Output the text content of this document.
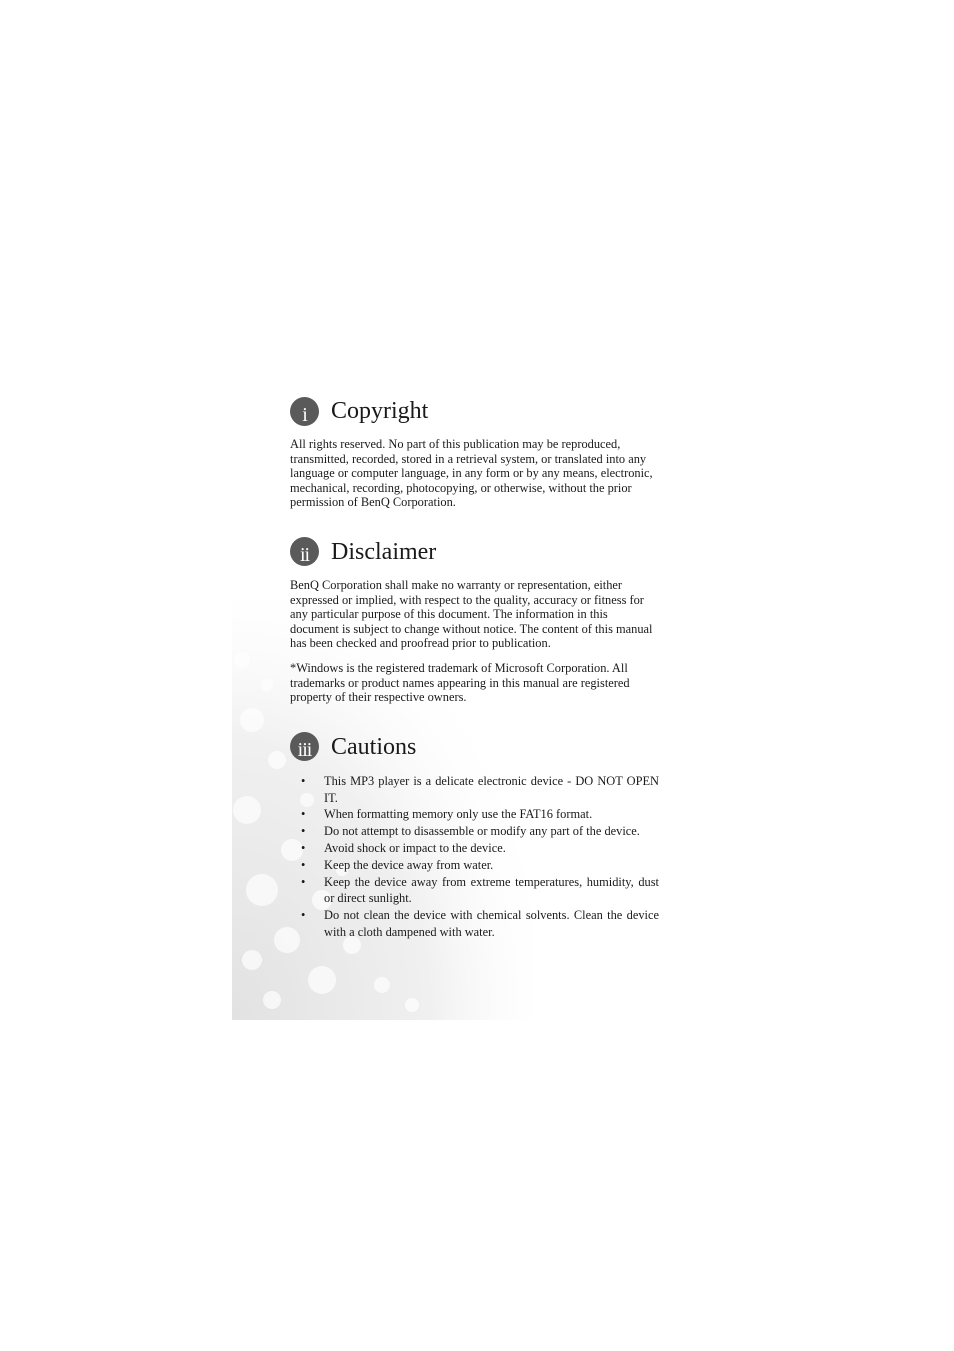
i	Copyright

All rights reserved. No part of this publication may be reproduced, transmitted, recorded, stored in a retrieval system, or translated into any language or computer language, in any form or by any means, electronic, mechanical, recording, photocopying, or otherwise, without the prior permission of BenQ Corporation.

ii Disclaimer

BenQ Corporation shall make no warranty or representation, either expressed or implied, with respect to the quality, accuracy or fitness for any particular purpose of this document. The information in this document is subject to change without notice. The content of this manual has been checked and proofread prior to publication.

*Windows is the registered trademark of Microsoft Corporation. All trademarks or product names appearing in this manual are registered property of their respective owners.

iii Cautions
• This MP3 player is a delicate electronic device - DO NOT OPEN IT.
• When formatting memory only use the FAT16 format.
• Do not attempt to disassemble or modify any part of the device.
• Avoid shock or impact to the device.
• Keep the device away from water.
• Keep the device away from extreme temperatures, humidity, dust or direct sunlight.
• Do not clean the device with chemical solvents. Clean the device with a cloth dampened with water.
